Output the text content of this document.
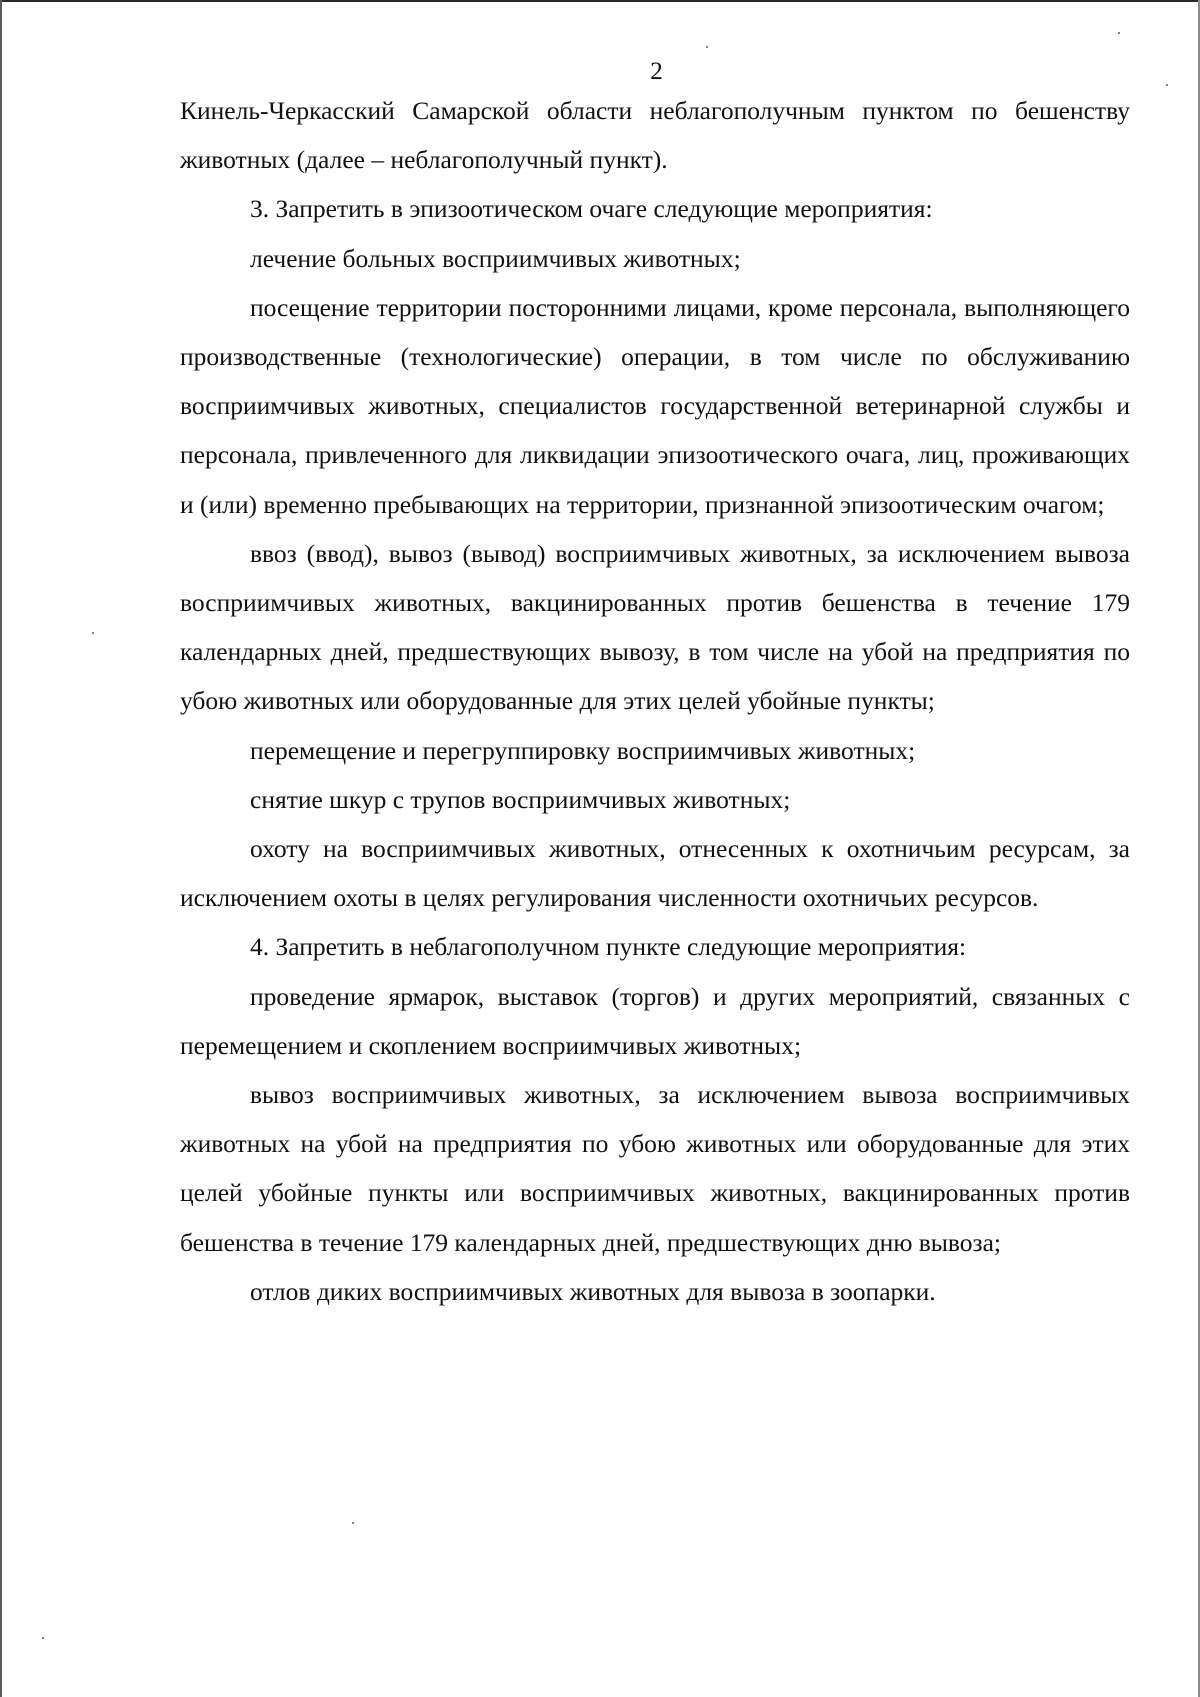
2

Кинель-Черкасский Самарской области неблагополучным пунктом по бешенству животных (далее – неблагополучный пункт).

3. Запретить в эпизоотическом очаге следующие мероприятия:

лечение больных восприимчивых животных;

посещение территории посторонними лицами, кроме персонала, выполняющего производственные (технологические) операции, в том числе по обслуживанию восприимчивых животных, специалистов государственной ветеринарной службы и персонала, привлеченного для ликвидации эпизоотического очага, лиц, проживающих и (или) временно пребывающих на территории, признанной эпизоотическим очагом;

ввоз (ввод), вывоз (вывод) восприимчивых животных, за исключением вывоза восприимчивых животных, вакцинированных против бешенства в течение 179 календарных дней, предшествующих вывозу, в том числе на убой на предприятия по убою животных или оборудованные для этих целей убойные пункты;

перемещение и перегруппировку восприимчивых животных;

снятие шкур с трупов восприимчивых животных;

охоту на восприимчивых животных, отнесенных к охотничьим ресурсам, за исключением охоты в целях регулирования численности охотничьих ресурсов.

4. Запретить в неблагополучном пункте следующие мероприятия:

проведение ярмарок, выставок (торгов) и других мероприятий, связанных с перемещением и скоплением восприимчивых животных;

вывоз восприимчивых животных, за исключением вывоза восприимчивых животных на убой на предприятия по убою животных или оборудованные для этих целей убойные пункты или восприимчивых животных, вакцинированных против бешенства в течение 179 календарных дней, предшествующих дню вывоза;

отлов диких восприимчивых животных для вывоза в зоопарки.
